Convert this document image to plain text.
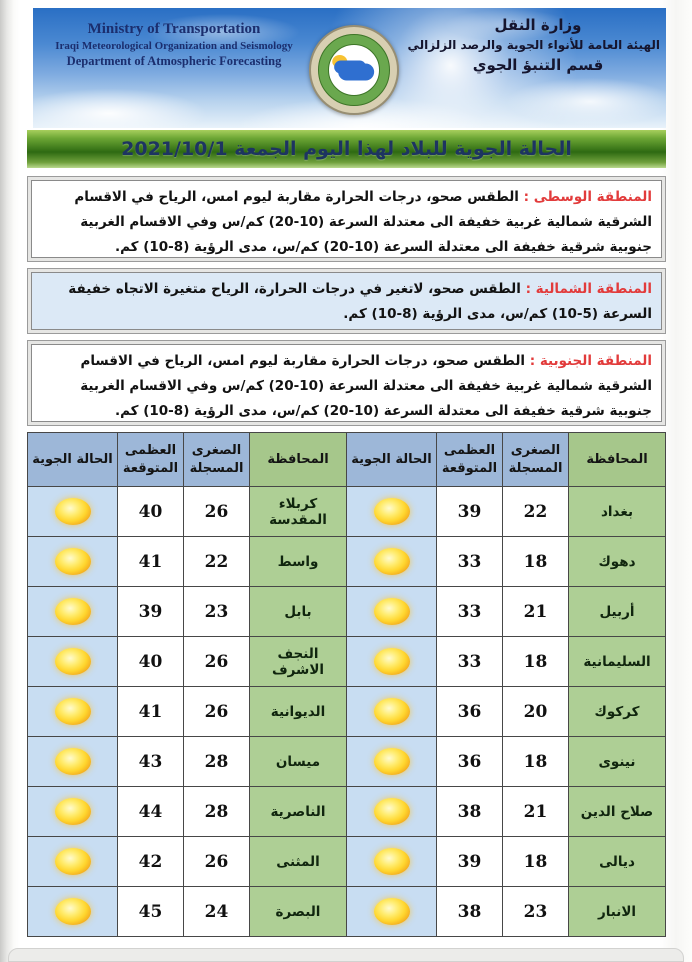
Ministry of Transportation
Iraqi Meteorological Organization and Seismology
Department of Atmospheric Forecasting
وزارة النقل
الهيئة العامة للأنواء الجوية والرصد الزلزالي
قسم التنبؤ الجوي
الحالة الجوية للبلاد لهذا اليوم الجمعة 2021/10/1
المنطقة الوسطى : الطقس صحو، درجات الحرارة مقاربة ليوم امس، الرياح في الاقسام الشرقية شمالية غربية خفيفة الى معتدلة السرعة (10-20) كم/س وفي الاقسام الغربية جنوبية شرقية خفيفة الى معتدلة السرعة (10-20) كم/س، مدى الرؤية (8-10) كم.
المنطقة الشمالية : الطقس صحو، لاتغير في درجات الحرارة، الرياح متغيرة الاتجاه خفيفة السرعة (5-10) كم/س، مدى الرؤية (8-10) كم.
المنطقة الجنوبية : الطقس صحو، درجات الحرارة مقاربة ليوم امس، الرياح في الاقسام الشرقية شمالية غربية خفيفة الى معتدلة السرعة (10-20) كم/س وفي الاقسام الغربية جنوبية شرقية خفيفة الى معتدلة السرعة (10-20) كم/س، مدى الرؤية (8-10) كم.
المحافظة	الصغرى المسجلة	العظمى المتوقعة	الحالة الجوية	المحافظة	الصغرى المسجلة	العظمى المتوقعة	الحالة الجوية
بغداد	22	39		كربلاء المقدسة	26	40	
دهوك	18	33		واسط	22	41	
أربيل	21	33		بابل	23	39	
السليمانية	18	33		النجف الاشرف	26	40	
كركوك	20	36		الديوانية	26	41	
نينوى	18	36		ميسان	28	43	
صلاح الدين	21	38		الناصرية	28	44	
ديالى	18	39		المثنى	26	42	
الانبار	23	38		البصرة	24	45	
